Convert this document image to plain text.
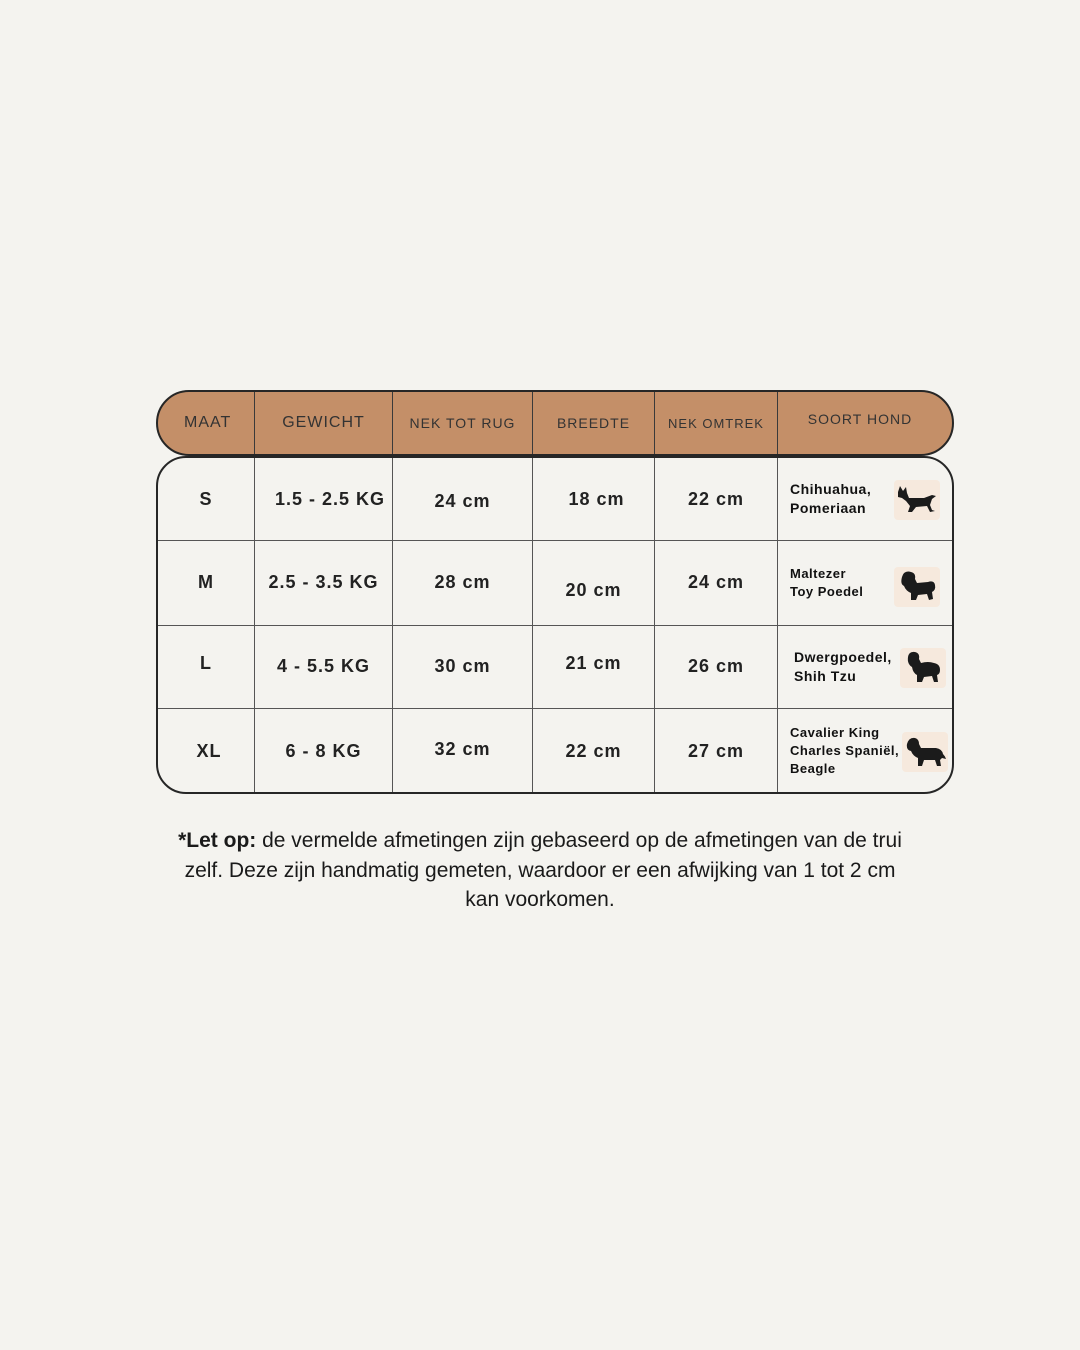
MAAT	GEWICHT	NEK TOT RUG	BREEDTE	NEK OMTREK	SOORT HOND
S	1.5 - 2.5 KG	24 cm	18 cm	22 cm	Chihuahua,
Pomeriaan
M	2.5 - 3.5 KG	28 cm	20 cm	24 cm	Maltezer
Toy Poedel
L	4 - 5.5 KG	30 cm	21 cm	26 cm	Dwergpoedel,
Shih Tzu
XL	6 - 8 KG	32 cm	22 cm	27 cm
Cavalier King
Charles Spaniël,
Beagle
*Let op: de vermelde afmetingen zijn gebaseerd op de afmetingen van de trui zelf. Deze zijn handmatig gemeten, waardoor er een afwijking van 1 tot 2 cm kan voorkomen.
